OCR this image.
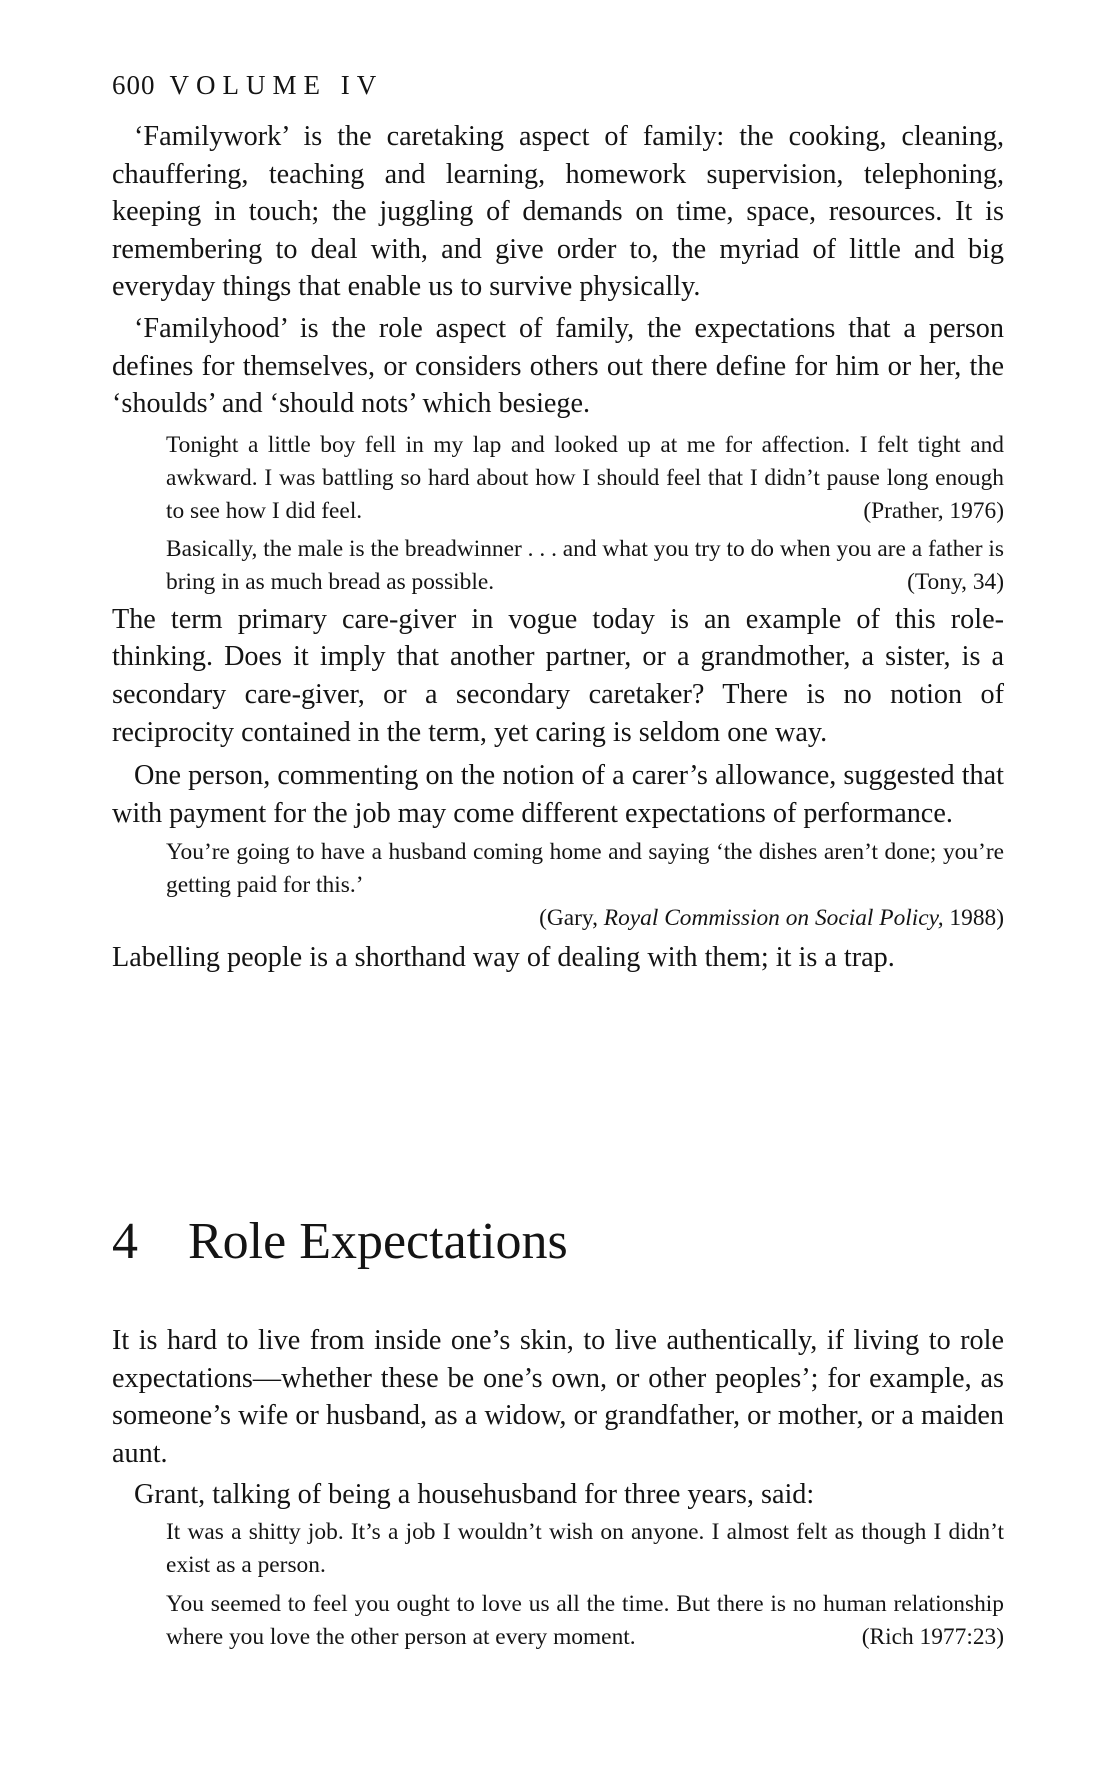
600 VOLUME IV

‘Familywork’ is the caretaking aspect of family: the cooking, cleaning, chauffering, teaching and learning, homework supervision, telephoning, keeping in touch; the juggling of demands on time, space, resources. It is remembering to deal with, and give order to, the myriad of little and big everyday things that enable us to survive physically.

‘Familyhood’ is the role aspect of family, the expectations that a person defines for themselves, or considers others out there define for him or her, the ‘shoulds’ and ‘should nots’ which besiege.

Tonight a little boy fell in my lap and looked up at me for affection. I felt tight and awkward. I was battling so hard about how I should feel that I didn’t pause long enough to see how I did feel.	(Prather, 1976)

Basically, the male is the breadwinner . . . and what you try to do when you are a father is bring in as much bread as possible.	(Tony, 34)

The term primary care-giver in vogue today is an example of this role-thinking. Does it imply that another partner, or a grandmother, a sister, is a secondary care-giver, or a secondary caretaker? There is no notion of reciprocity contained in the term, yet caring is seldom one way.

One person, commenting on the notion of a carer’s allowance, suggested that with payment for the job may come different expectations of performance.

You’re going to have a husband coming home and saying ‘the dishes aren’t done; you’re getting paid for this.’

(Gary, Royal Commission on Social Policy, 1988)

Labelling people is a shorthand way of dealing with them; it is a trap.

4 Role Expectations

It is hard to live from inside one’s skin, to live authentically, if living to role expectations—whether these be one’s own, or other peoples’; for example, as someone’s wife or husband, as a widow, or grandfather, or mother, or a maiden aunt.

Grant, talking of being a househusband for three years, said:

It was a shitty job. It’s a job I wouldn’t wish on anyone. I almost felt as though I didn’t exist as a person.

You seemed to feel you ought to love us all the time. But there is no human relationship where you love the other person at every moment.	(Rich 1977:23)
